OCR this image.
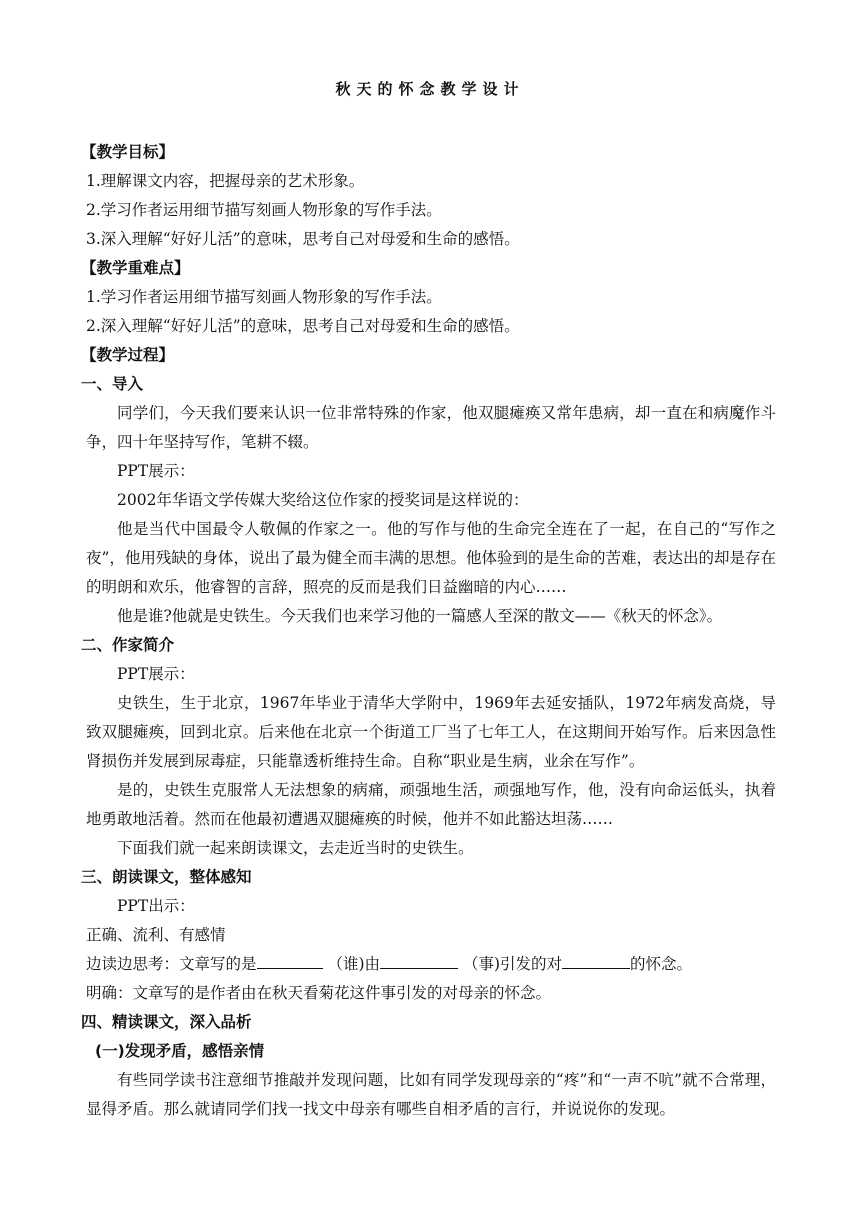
秋天的怀念教学设计
【教学目标】
1.理解课文内容，把握母亲的艺术形象。
2.学习作者运用细节描写刻画人物形象的写作手法。
3.深入理解“好好儿活”的意味，思考自己对母爱和生命的感悟。
【教学重难点】
1.学习作者运用细节描写刻画人物形象的写作手法。
2.深入理解“好好儿活”的意味，思考自己对母爱和生命的感悟。
【教学过程】
一、导入
同学们，今天我们要来认识一位非常特殊的作家，他双腿瘫痪又常年患病，却一直在和病魔作斗争，四十年坚持写作，笔耕不辍。
PPT展示：
2002年华语文学传媒大奖给这位作家的授奖词是这样说的：
他是当代中国最令人敬佩的作家之一。他的写作与他的生命完全连在了一起，在自己的“写作之夜”，他用残缺的身体，说出了最为健全而丰满的思想。他体验到的是生命的苦难，表达出的却是存在的明朗和欢乐，他睿智的言辞，照亮的反而是我们日益幽暗的内心……
他是谁?他就是史铁生。今天我们也来学习他的一篇感人至深的散文——《秋天的怀念》。
二、作家简介
PPT展示：
史铁生，生于北京，1967年毕业于清华大学附中，1969年去延安插队，1972年病发高烧，导致双腿瘫痪，回到北京。后来他在北京一个街道工厂当了七年工人，在这期间开始写作。后来因急性肾损伤并发展到尿毒症，只能靠透析维持生命。自称“职业是生病，业余在写作”。
是的，史铁生克服常人无法想象的病痛，顽强地生活，顽强地写作，他，没有向命运低头，执着地勇敢地活着。然而在他最初遭遇双腿瘫痪的时候，他并不如此豁达坦荡……
下面我们就一起来朗读课文，去走近当时的史铁生。
三、朗读课文，整体感知
PPT出示：
正确、流利、有感情
边读边思考：文章写的是	（谁)由	（事)引发的对	的怀念。
明确：文章写的是作者由在秋天看菊花这件事引发的对母亲的怀念。
四、精读课文，深入品析
(一)发现矛盾，感悟亲情
有些同学读书注意细节推敲并发现问题，比如有同学发现母亲的“疼”和“一声不吭”就不合常理，显得矛盾。那么就请同学们找一找文中母亲有哪些自相矛盾的言行，并说说你的发现。
